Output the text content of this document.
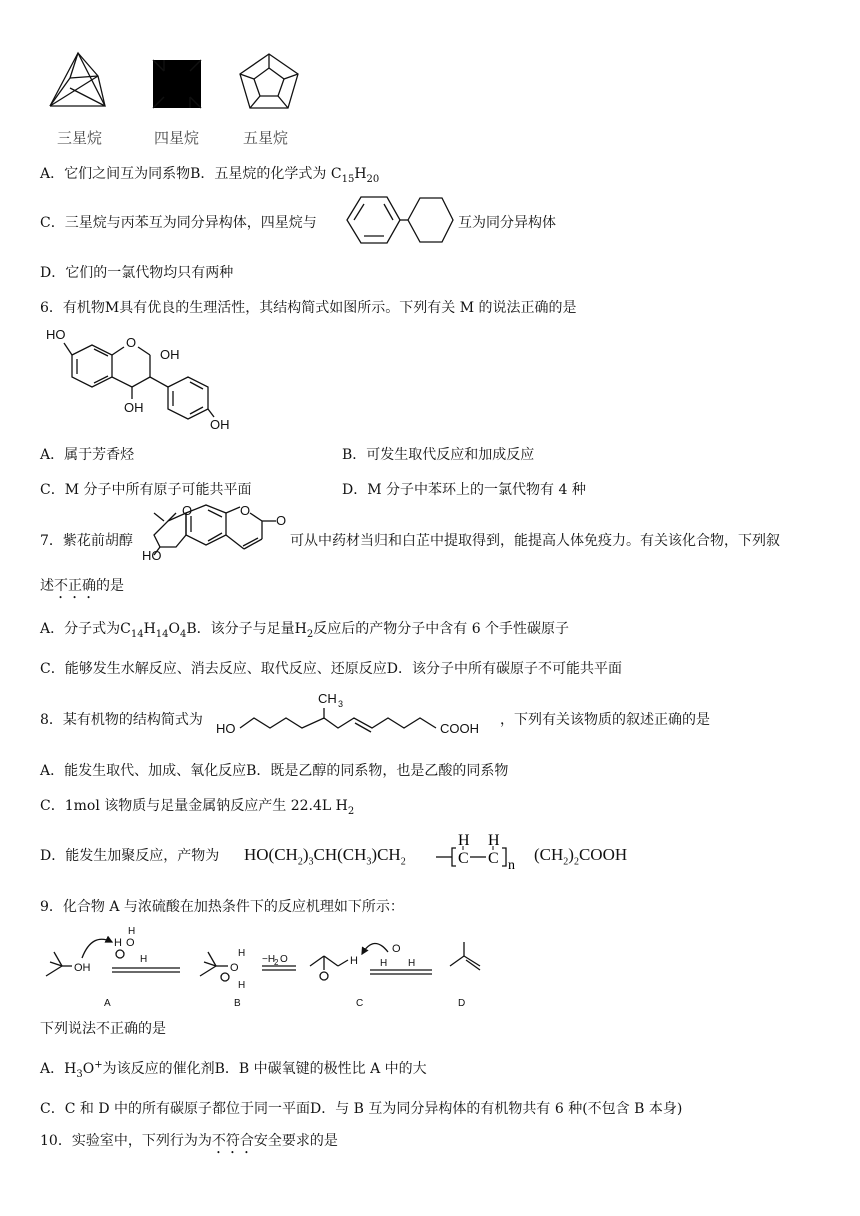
三星烷	四星烷	五星烷
A．它们之间互为同系物B．五星烷的化学式为 $C_{15}H_{20}$
C．三星烷与丙苯互为同分异构体，四星烷与	互为同分异构体
D．它们的一氯代物均只有两种
6．有机物M具有优良的生理活性，其结构简式如图所示。下列有关 M 的说法正确的是
HO
O
OH
OH
OH
A．属于芳香烃	B．可发生取代反应和加成反应
C．M 分子中所有原子可能共平面	D．M 分子中苯环上的一氯代物有 4 种
7．紫花前胡醇
HO
O	O
O
可从中药材当归和白芷中提取得到，能提高人体免疫力。有关该化合物，下列叙
述不正确的是
A．分子式为$C_{14}H_{14}O_4B$．该分子与足量$H_2$反应后的产物分子中含有 6 个手性碳原子
C．能够发生水解反应、消去反应、取代反应、还原反应D．该分子中所有碳原子不可能共平面
8．某有机物的结构简式为
CH 3
HO	COOH
，下列有关该物质的叙述正确的是
A．能发生取代、加成、氧化反应B．既是乙醇的同系物，也是乙酸的同系物
C．1mol 该物质与足量金属钠反应产生 22.4L $H_2$
D．能发生加聚反应，产物为 $HO(CH_2)_3CH(CH_3)CH_2$
H H
C C n
$(CH_2)_2COOH$
9．化合物 A 与浓硫酸在加热条件下的反应机理如下所示：
OH
H O
H
H
A
O
H
H
B
−H
2 O	H
O
H H
C	D
下列说法不正确的是
A．$H_3O^+$为该反应的催化剂B．B 中碳氧键的极性比 A 中的大
C．C 和 D 中的所有碳原子都位于同一平面D．与 B 互为同分异构体的有机物共有 6 种(不包含 B 本身)
10．实验室中，下列行为为不符合安全要求的是
